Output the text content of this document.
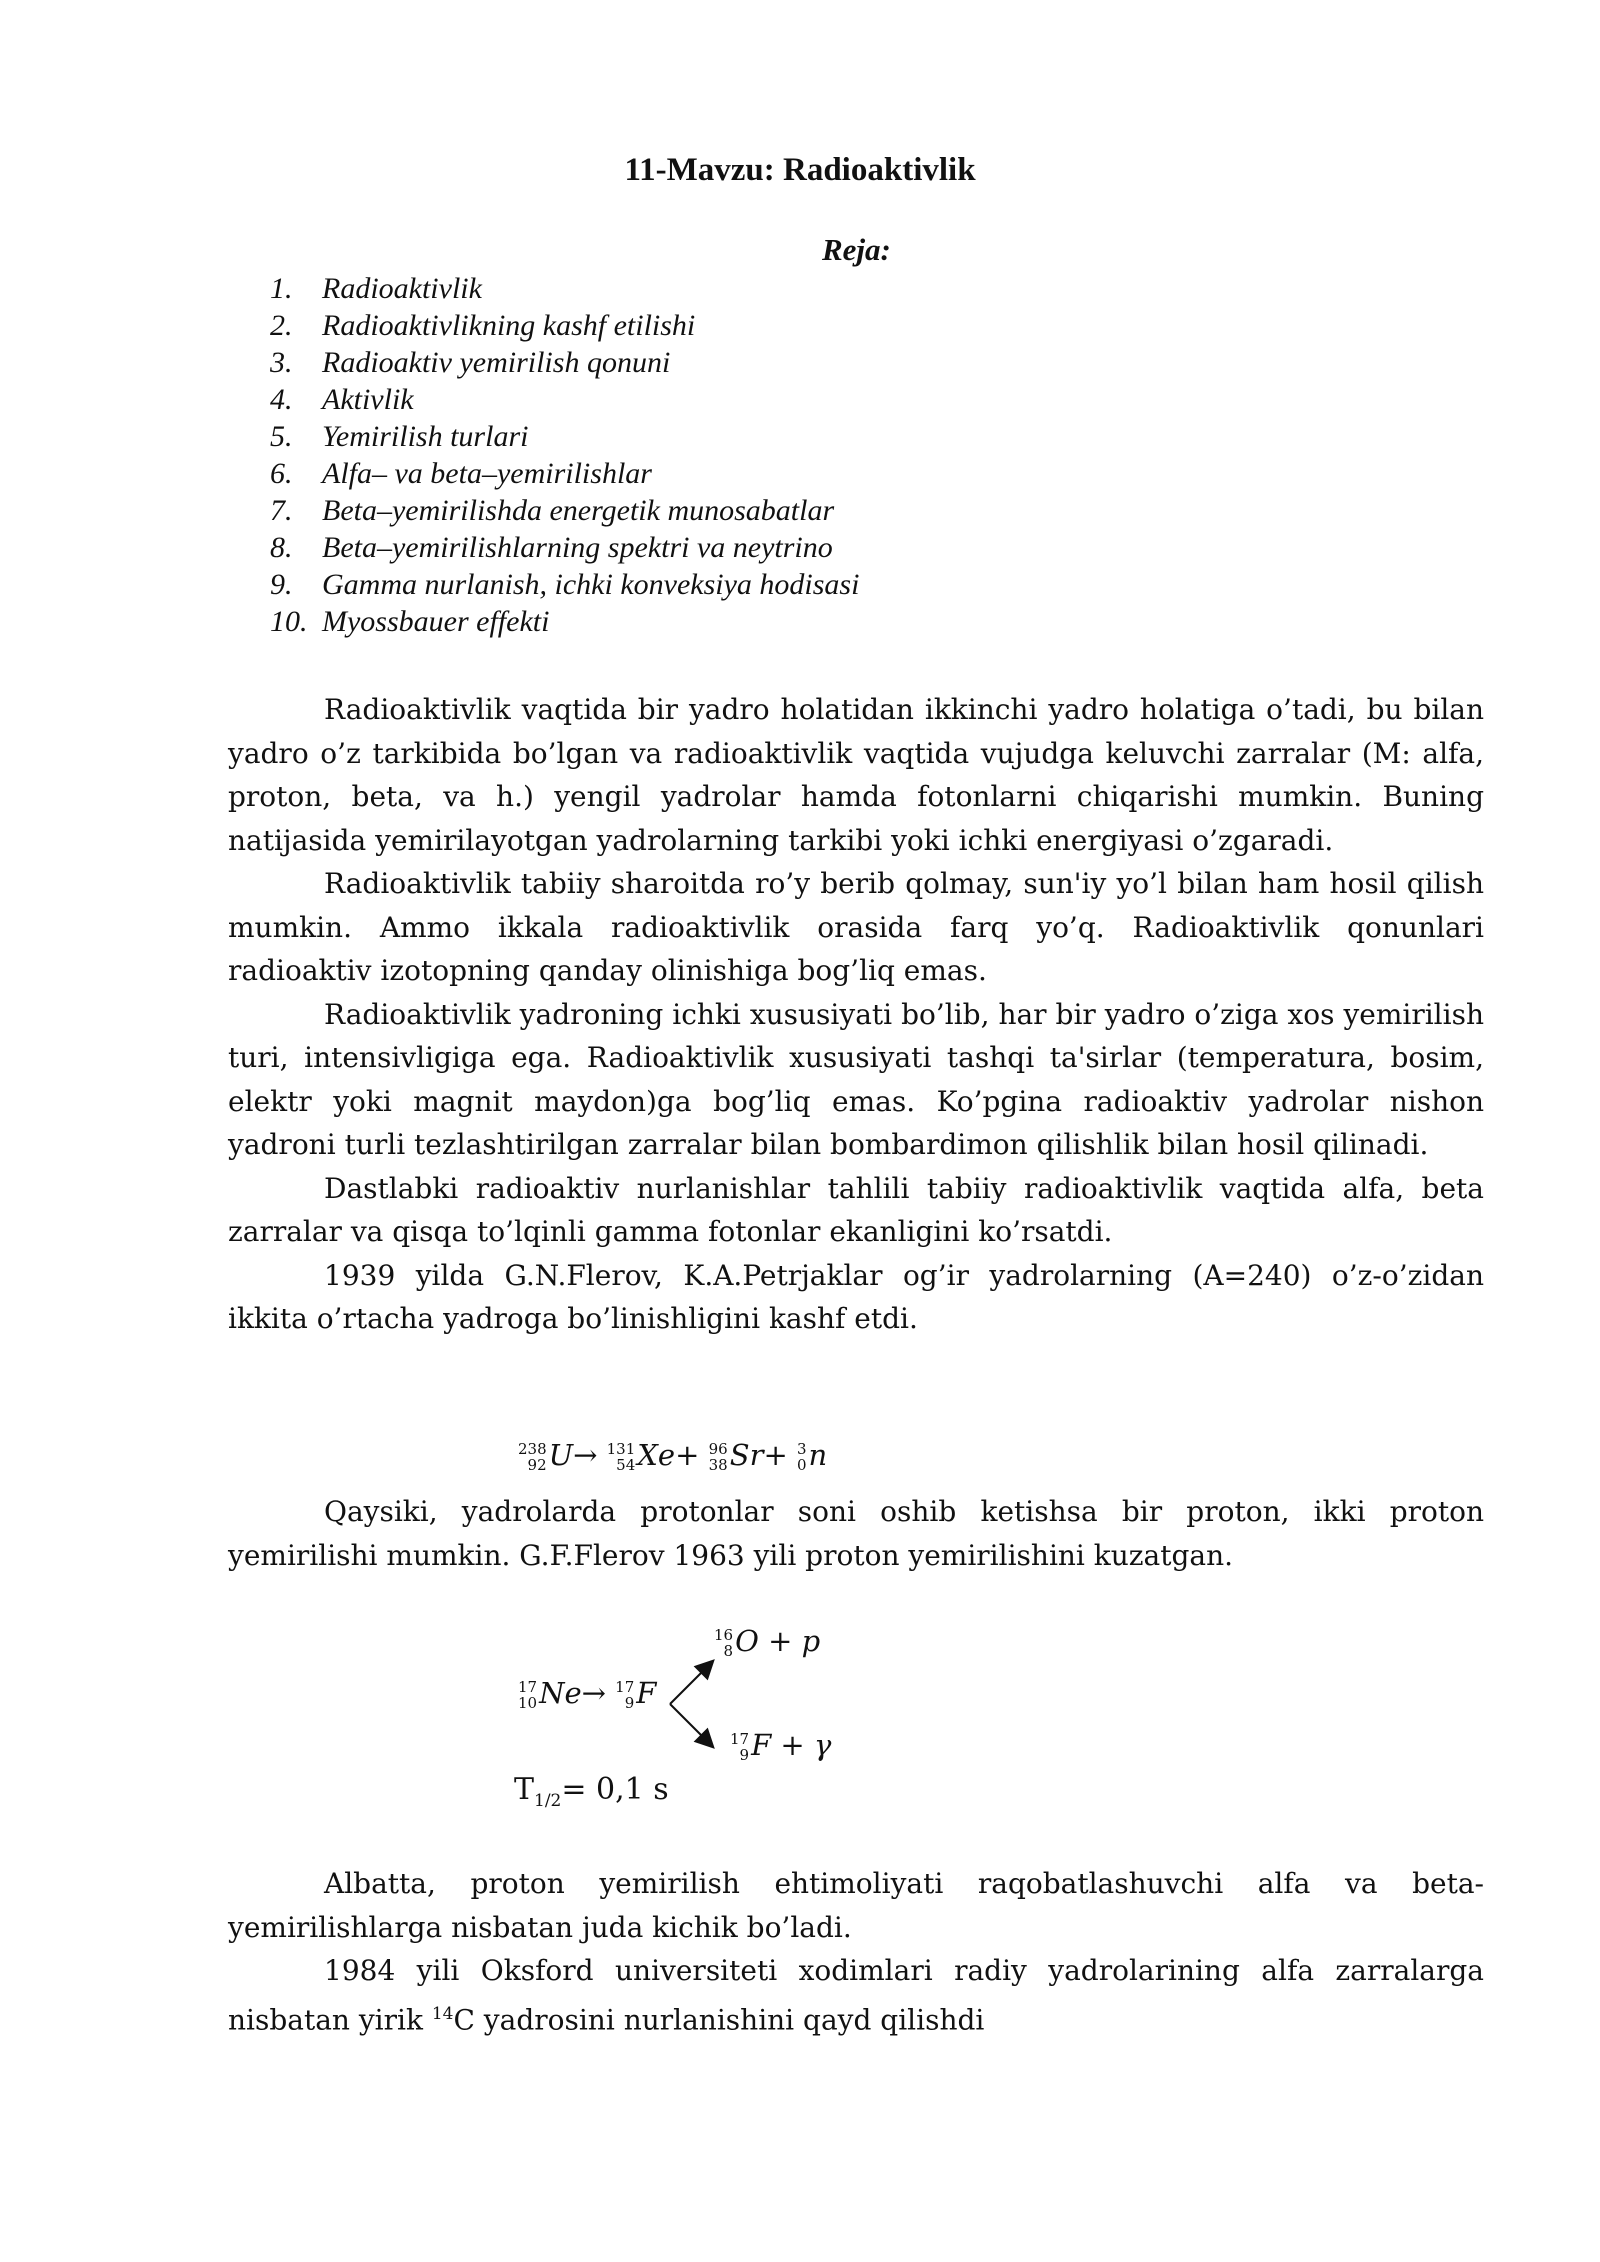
11-Mavzu: Radioaktivlik
Reja:
1. Radioaktivlik
2. Radioaktivlikning kashf etilishi
3. Radioaktiv yemirilish qonuni
4. Aktivlik
5. Yemirilish turlari
6. Alfa– va beta–yemirilishlar
7. Beta–yemirilishda energetik munosabatlar
8. Beta–yemirilishlarning spektri va neytrino
9. Gamma nurlanish, ichki konveksiya hodisasi
10. Myossbauer effekti

Radioaktivlik vaqtida bir yadro holatidan ikkinchi yadro holatiga o’tadi, bu bilan yadro o’z tarkibida bo’lgan va radioaktivlik vaqtida vujudga keluvchi zarralar (M: alfa, proton, beta, va h.) yengil yadrolar hamda fotonlarni chiqarishi mumkin. Buning natijasida yemirilayotgan yadrolarning tarkibi yoki ichki energiyasi o’zgaradi.

Radioaktivlik tabiiy sharoitda ro’y berib qolmay, sun'iy yo’l bilan ham hosil qilish mumkin. Ammo ikkala radioaktivlik orasida farq yo’q. Radioaktivlik qonunlari radioaktiv izotopning qanday olinishiga bog’liq emas.

Radioaktivlik yadroning ichki xususiyati bo’lib, har bir yadro o’ziga xos yemirilish turi, intensivligiga ega. Radioaktivlik xususiyati tashqi ta'sirlar (temperatura, bosim, elektr yoki magnit maydon)ga bog’liq emas. Ko’pgina radioaktiv yadrolar nishon yadroni turli tezlashtirilgan zarralar bilan bombardimon qilishlik bilan hosil qilinadi.

Dastlabki radioaktiv nurlanishlar tahlili tabiiy radioaktivlik vaqtida alfa, beta zarralar va qisqa to’lqinli gamma fotonlar ekanligini ko’rsatdi.

1939 yilda G.N.Flerov, K.A.Petrjaklar og’ir yadrolarning (A=240) o’z-o’zidan ikkita o’rtacha yadroga bo’linishligini kashf etdi.

238
92 U→ 131
54 Xe+ 96
38 Sr+ 3
0 n

Qaysiki, yadrolarda protonlar soni oshib ketishsa bir proton, ikki proton yemirilishi mumkin. G.F.Flerov 1963 yili proton yemirilishini kuzatgan.

17
10 Ne→ 17
9 F
16
8 O + p
17
9 F + γ
$T_{1/2}= 0,1$ s

Albatta, proton yemirilish ehtimoliyati raqobatlashuvchi alfa va beta-yemirilishlarga nisbatan juda kichik bo’ladi.

1984 yili Oksford universiteti xodimlari radiy yadrolarining alfa zarralarga nisbatan yirik $^{14}$C yadrosini nurlanishini qayd qilishdi
